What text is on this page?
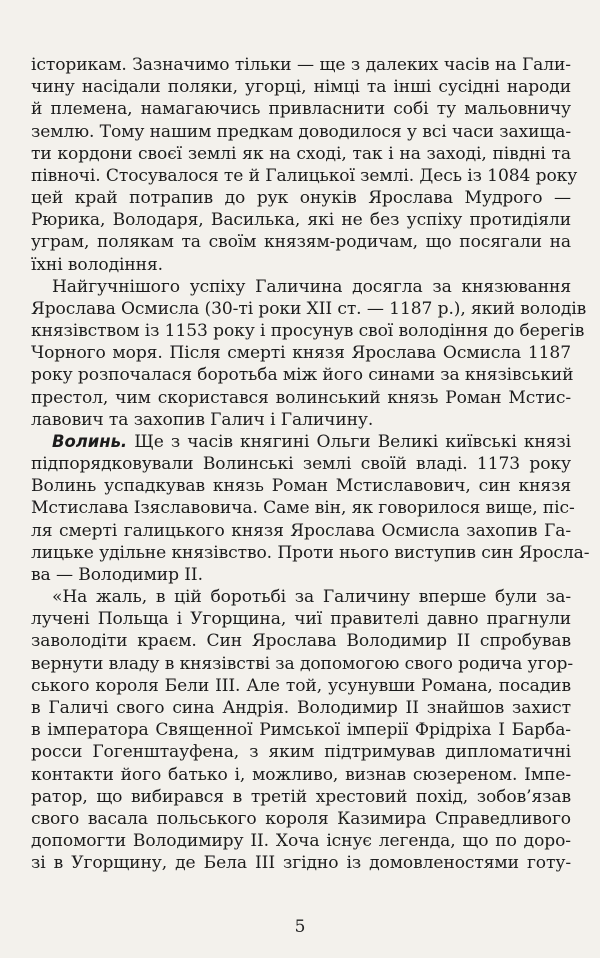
історикам. Зазначимо тільки — ще з далеких часів на Гали-
чину насідали поляки, угорці, німці та інші сусідні народи
й племена, намагаючись привласнити собі ту мальовничу
землю. Тому нашим предкам доводилося у всі часи захища-
ти кордони своєї землі як на сході, так і на заході, півдні та
півночі. Стосувалося те й Галицької землі. Десь із 1084 року
цей край потрапив до рук онуків Ярослава Мудрого —
Рюрика, Володаря, Василька, які не без успіху протидіяли
уграм, полякам та своїм князям-родичам, що посягали на
їхні володіння.
Найгучнішого успіху Галичина досягла за князювання
Ярослава Осмисла (30-ті роки XII ст. — 1187 р.), який володів
князівством із 1153 року і просунув свої володіння до берегів
Чорного моря. Після смерті князя Ярослава Осмисла 1187
року розпочалася боротьба між його синами за князівський
престол, чим скористався волинський князь Роман Мстис-
лавович та захопив Галич і Галичину.
Волинь. Ще з часів княгині Ольги Великі київські князі
підпорядковували Волинські землі своїй владі. 1173 року
Волинь успадкував князь Роман Мстиславович, син князя
Мстислава Ізяславовича. Саме він, як говорилося вище, піс-
ля смерті галицького князя Ярослава Осмисла захопив Га-
лицьке удільне князівство. Проти нього виступив син Яросла-
ва — Володимир II.
«На жаль, в цій боротьбі за Галичину вперше були за-
лучені Польща і Угорщина, чиї правителі давно прагнули
заволодіти краєм. Син Ярослава Володимир II спробував
вернути владу в князівстві за допомогою свого родича угор-
ського короля Бели III. Але той, усунувши Романа, посадив
в Галичі свого сина Андрія. Володимир II знайшов захист
в імператора Священної Римської імперії Фрідріха I Барба-
росси Гогенштауфена, з яким підтримував дипломатичні
контакти його батько і, можливо, визнав сюзереном. Імпе-
ратор, що вибирався в третій хрестовий похід, зобов’язав
свого васала польського короля Казимира Справедливого
допомогти Володимиру II. Хоча існує легенда, що по доро-
зі в Угорщину, де Бела III згідно із домовленостями готу-
5
